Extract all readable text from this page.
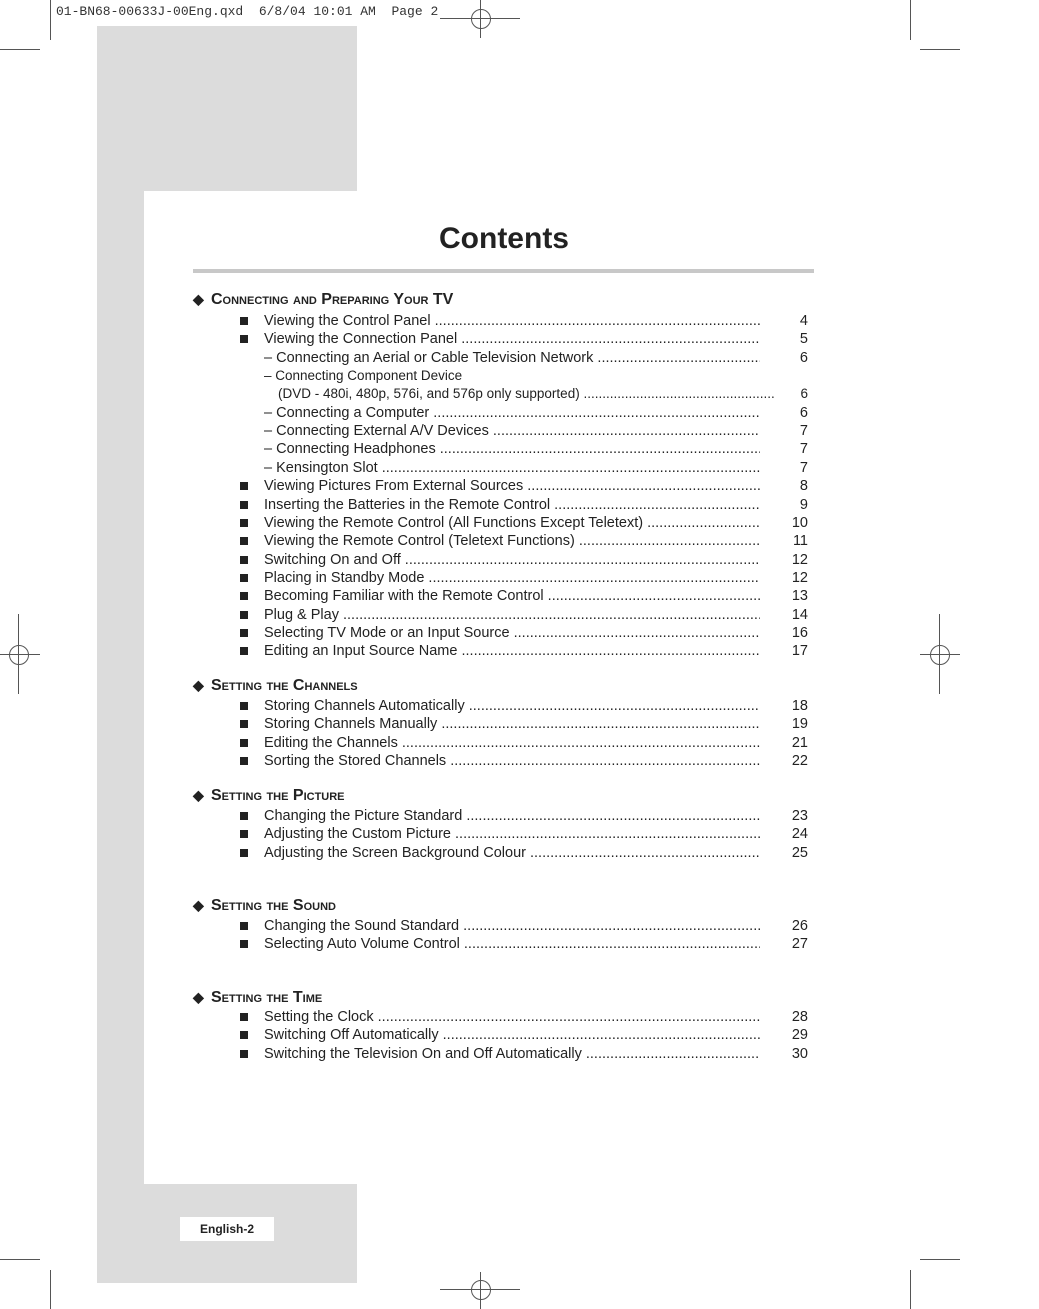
01-BN68-00633J-00Eng.qxd  6/8/04 10:01 AM  Page 2
Contents
◆ Connecting and Preparing Your TV
◆ Setting the Channels
◆ Setting the Picture
◆ Setting the Sound
◆ Setting the Time
English-2
Viewing the Control Panel .....	4
Viewing the Connection Panel .....	5
– Connecting an Aerial or Cable Television Network .....	6
– Connecting Component Device
(DVD - 480i, 480p, 576i, and 576p only supported) .....	6
– Connecting a Computer .....	6
– Connecting External A/V Devices .....	7
– Connecting Headphones .....	7
– Kensington Slot .....	7
Viewing Pictures From External Sources .....	8
Inserting the Batteries in the Remote Control .....	9
Viewing the Remote Control (All Functions Except Teletext) .....	10
Viewing the Remote Control (Teletext Functions) .....	11
Switching On and Off .....	12
Placing in Standby Mode .....	12
Becoming Familiar with the Remote Control .....	13
Plug & Play .....	14
Selecting TV Mode or an Input Source .....	16
Editing an Input Source Name .....	17
Storing Channels Automatically .....	18
Storing Channels Manually .....	19
Editing the Channels .....	21
Sorting the Stored Channels .....	22
Changing the Picture Standard .....	23
Adjusting the Custom Picture .....	24
Adjusting the Screen Background Colour .....	25
Changing the Sound Standard .....	26
Selecting Auto Volume Control .....	27
Setting the Clock .....	28
Switching Off Automatically .....	29
Switching the Television On and Off Automatically .....	30
